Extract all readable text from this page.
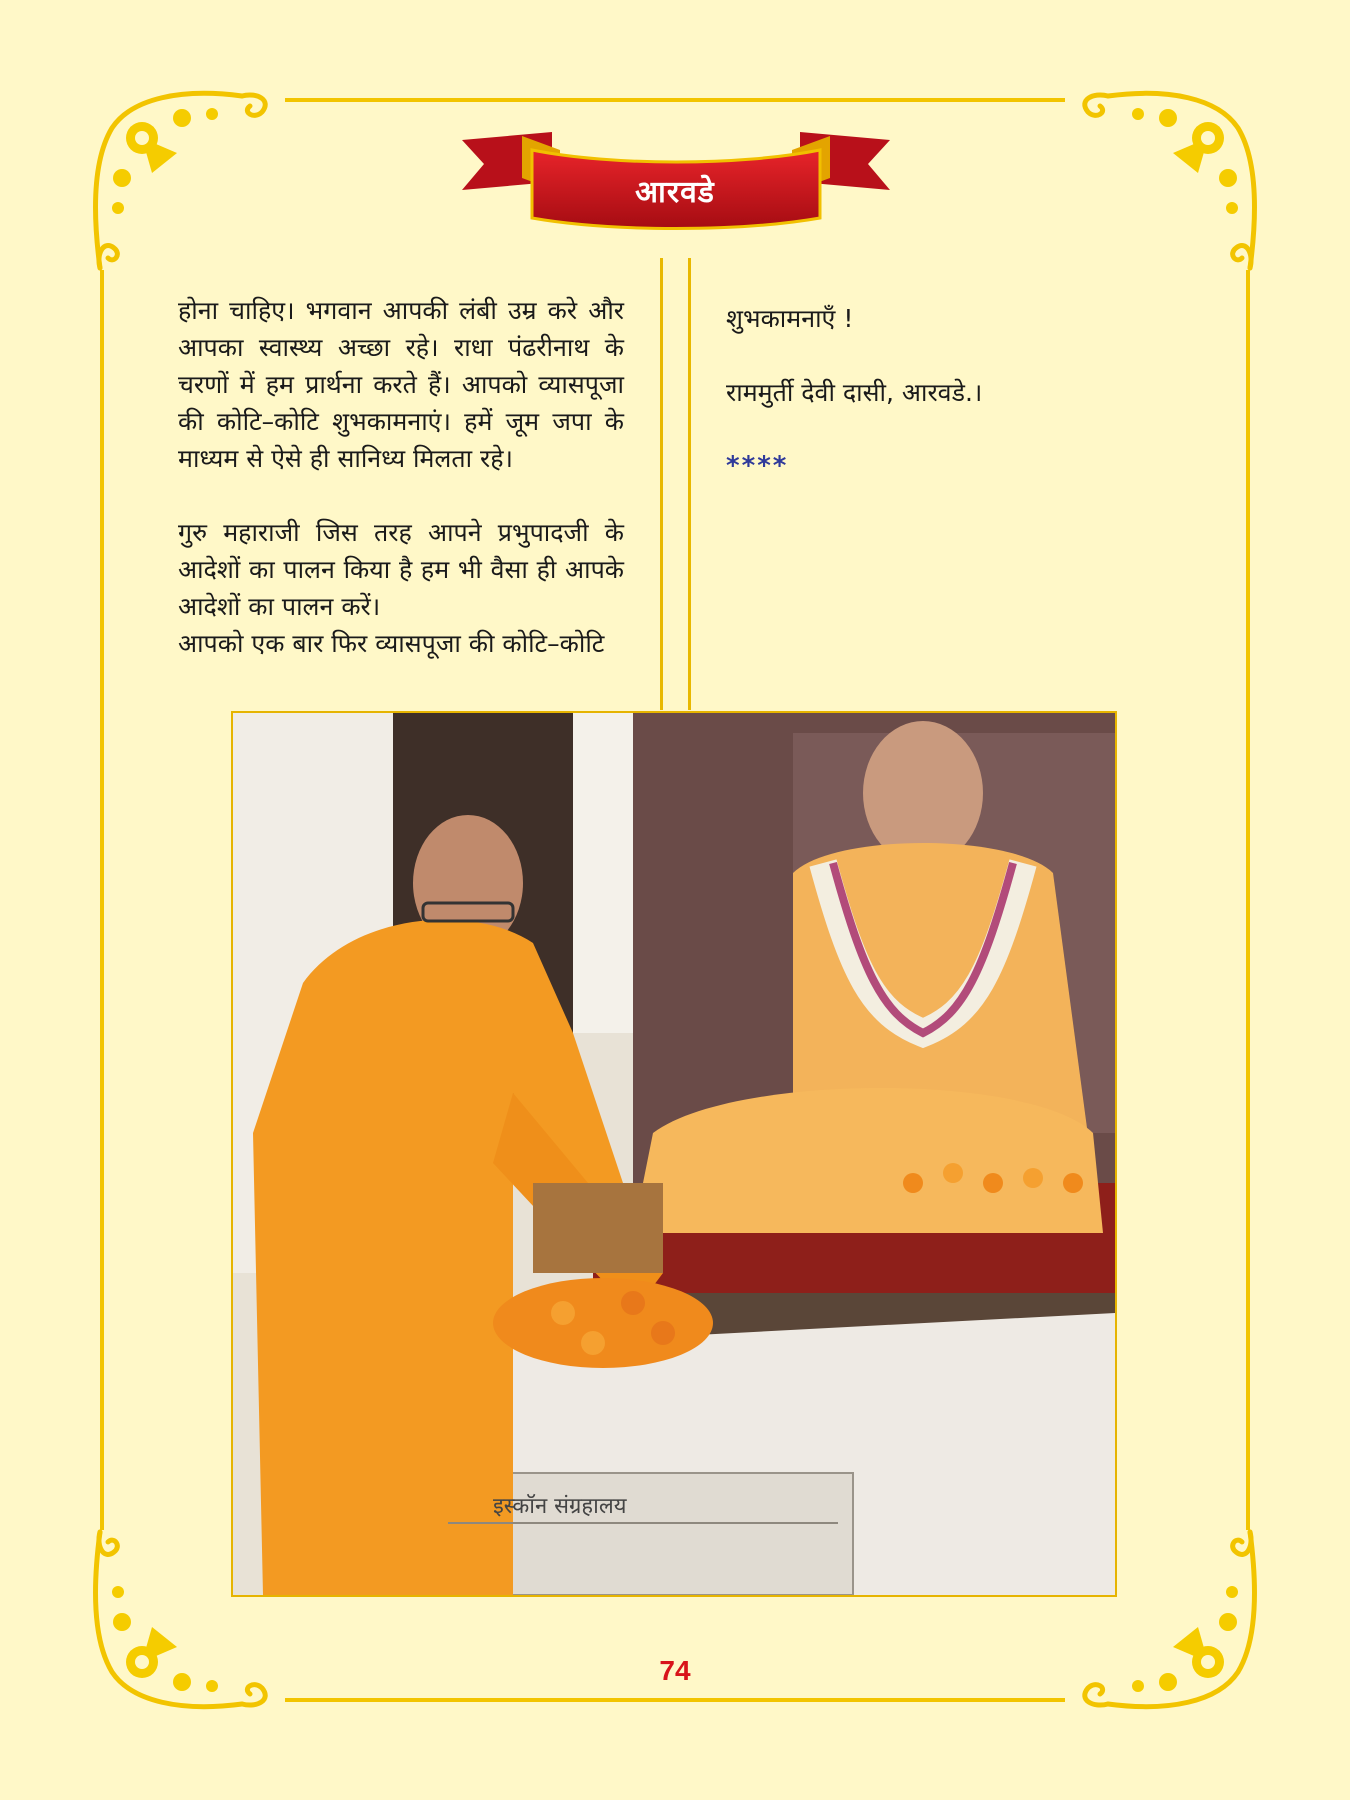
आरवडे

होना चाहिए। भगवान आपकी लंबी उम्र करे और आपका स्वास्थ्य अच्छा रहे। राधा पंढरीनाथ के चरणों में हम प्रार्थना करते हैं। आपको व्यासपूजा की कोटि–कोटि शुभकामनाएं। हमें जूम जपा के माध्यम से ऐसे ही सानिध्य मिलता रहे।

गुरु महाराजी जिस तरह आपने प्रभुपादजी के आदेशों का पालन किया है हम भी वैसा ही आपके आदेशों का पालन करें।

आपको एक बार फिर व्यासपूजा की कोटि–कोटि

शुभकामनाएँ !

राममुर्ती देवी दासी, आरवडे.।

****

इस्कॉन संग्रहालय
74
